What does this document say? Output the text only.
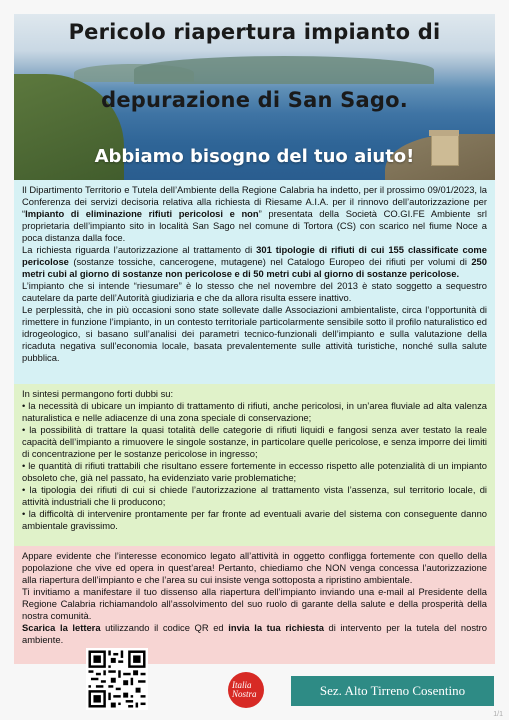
Pericolo riapertura impianto di
depurazione di San Sago.
Abbiamo bisogno del tuo aiuto!

Il Dipartimento Territorio e Tutela dell’Ambiente della Regione Calabria ha indetto, per il prossimo 09/01/2023, la Conferenza dei servizi decisoria relativa alla richiesta di Riesame A.I.A. per il rinnovo dell’autorizzazione per “Impianto di eliminazione rifiuti pericolosi e non” presentata della Società CO.GI.FE Ambiente srl proprietaria dell’impianto sito in località San Sago nel comune di Tortora (CS) con scarico nel fiume Noce a poca distanza dalla foce.

La richiesta riguarda l’autorizzazione al trattamento di 301 tipologie di rifiuti di cui 155 classificate come pericolose (sostanze tossiche, cancerogene, mutagene) nel Catalogo Europeo dei rifiuti per volumi di 250 metri cubi al giorno di sostanze non pericolose e di 50 metri cubi al giorno di sostanze pericolose.

L’impianto che si intende “riesumare” è lo stesso che nel novembre del 2013 è stato soggetto a sequestro cautelare da parte dell’Autorità giudiziaria e che da allora risulta essere inattivo.

Le perplessità, che in più occasioni sono state sollevate dalle Associazioni ambientaliste, circa l’opportunità di rimettere in funzione l’impianto, in un contesto territoriale particolarmente sensibile sotto il profilo naturalistico ed idrogeologico, si basano sull’analisi dei parametri tecnico-funzionali dell’impianto e sulla valutazione della ricaduta negativa sull’economia locale, basata prevalentemente sulle attività turistiche, nonché sulla salute pubblica.

In sintesi permangono forti dubbi su:

• la necessità di ubicare un impianto di trattamento di rifiuti, anche pericolosi, in un’area fluviale ad alta valenza naturalistica e nelle adiacenze di una zona speciale di conservazione;

• la possibilità di trattare la quasi totalità delle categorie di rifiuti liquidi e fangosi senza aver testato la reale capacità dell’impianto a rimuovere le singole sostanze, in particolare quelle pericolose, e senza imporre dei limiti di concentrazione per le sostanze pericolose in ingresso;

• le quantità di rifiuti trattabili che risultano essere fortemente in eccesso rispetto alle potenzialità di un impianto obsoleto che, già nel passato, ha evidenziato varie problematiche;

• la tipologia dei rifiuti di cui si chiede l’autorizzazione al trattamento vista l’assenza, sul territorio locale, di attività industriali che li producono;

• la difficoltà di intervenire prontamente per far fronte ad eventuali avarie del sistema con conseguente danno ambientale gravissimo.

Appare evidente che l’interesse economico legato all’attività in oggetto confligga fortemente con quello della popolazione che vive ed opera in quest’area! Pertanto, chiediamo che NON venga concessa l’autorizzazione alla riapertura dell’impianto e che l’area su cui insiste venga sottoposta a ripristino ambientale.

Ti invitiamo a manifestare il tuo dissenso alla riapertura dell’impianto inviando una e-mail al Presidente della Regione Calabria richiamandolo all’assolvimento del suo ruolo di garante della salute e della prosperità della nostra comunità.

Scarica la lettera utilizzando il codice QR ed invia la tua richiesta di intervento per la tutela del nostro ambiente.

Italia Nostra	Sez. Alto Tirreno Cosentino
1/1
